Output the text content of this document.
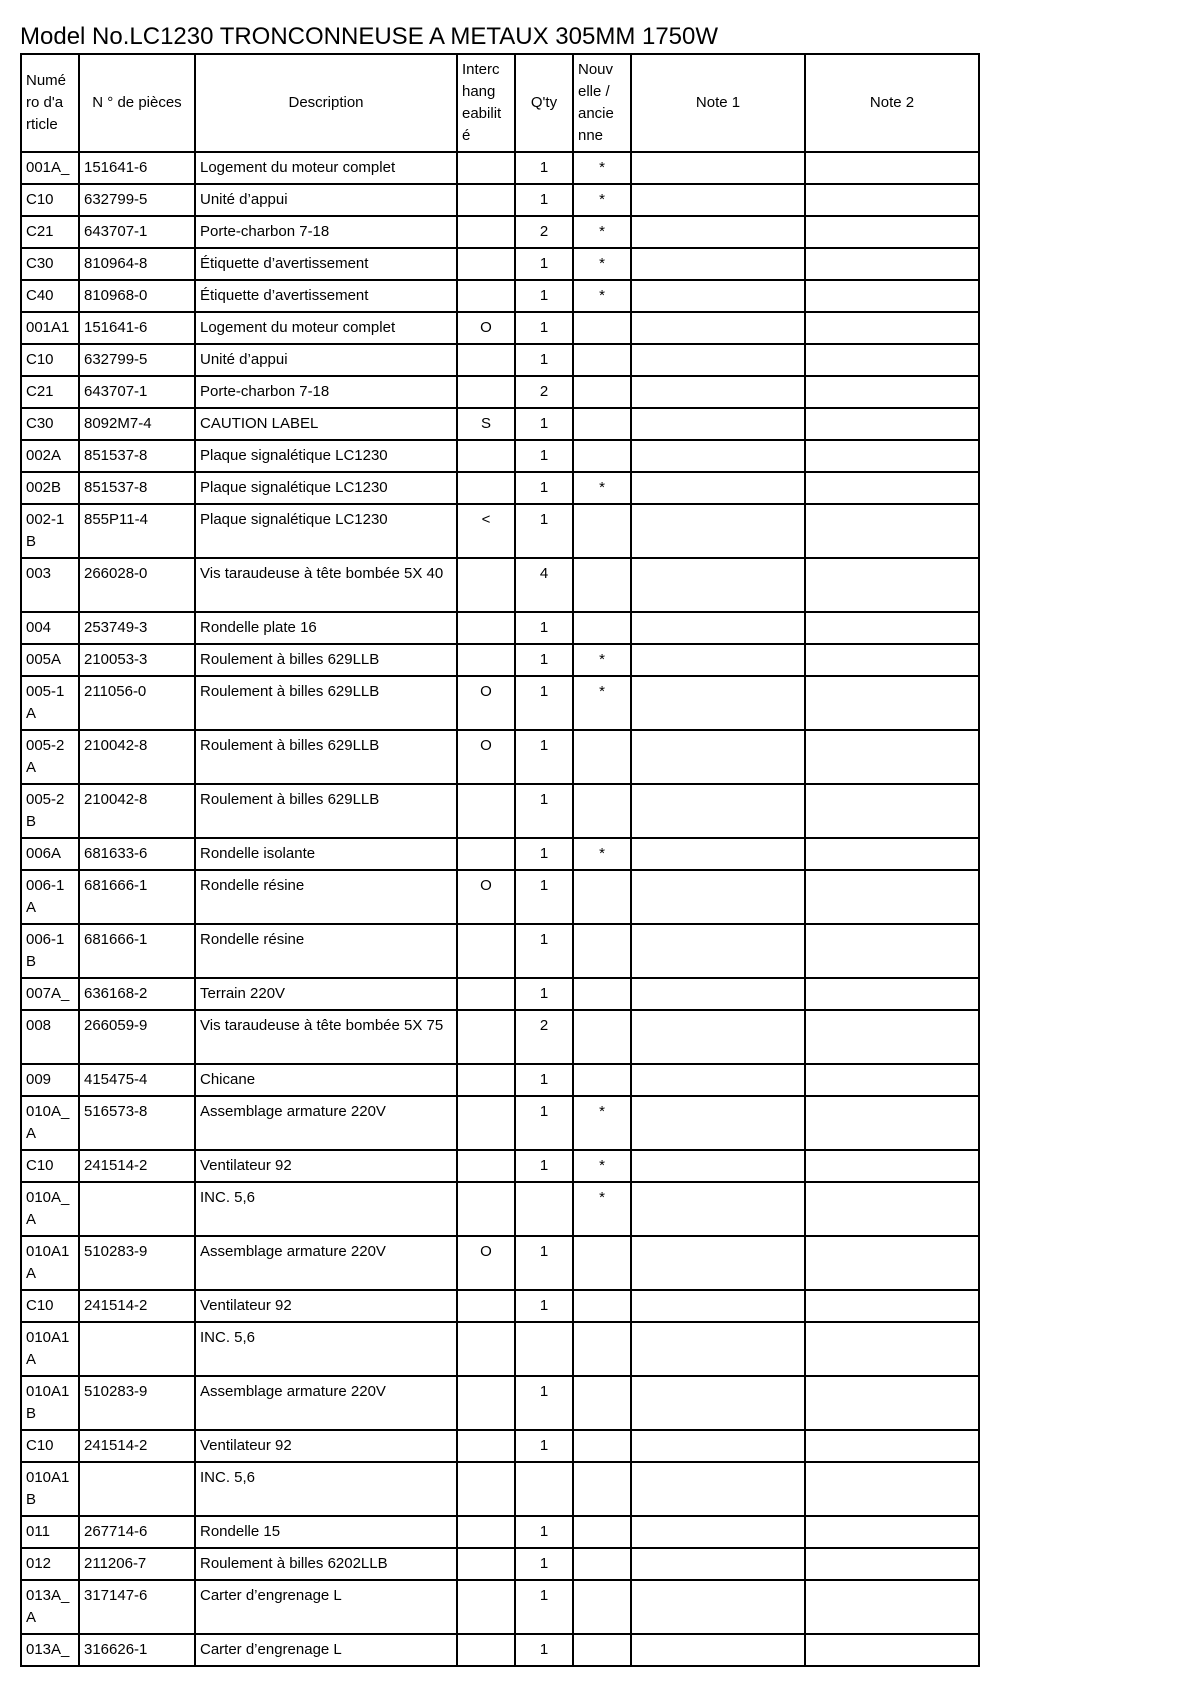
Model No.LC1230 TRONCONNEUSE A METAUX 305MM 1750W
Numé ro d'a rticle	N ° de pièces	Description	Interc hang eabilit é	Q'ty	Nouv elle / ancie nne	Note 1	Note 2
001A_	151641-6	Logement du moteur complet		1	*		
C10	632799-5	Unité d’appui		1	*		
C21	643707-1	Porte-charbon 7-18		2	*		
C30	810964-8	Étiquette d’avertissement		1	*		
C40	810968-0	Étiquette d’avertissement		1	*		
001A1	151641-6	Logement du moteur complet	O	1			
C10	632799-5	Unité d’appui		1			
C21	643707-1	Porte-charbon 7-18		2			
C30	8092M7-4	CAUTION LABEL	S	1			
002A	851537-8	Plaque signalétique LC1230		1			
002B	851537-8	Plaque signalétique LC1230		1	*		
002-1 B	855P11-4	Plaque signalétique LC1230	<	1			
003	266028-0	Vis taraudeuse à tête bombée 5X 40		4			
004	253749-3	Rondelle plate 16		1			
005A	210053-3	Roulement à billes 629LLB		1	*		
005-1 A	211056-0	Roulement à billes 629LLB	O	1	*		
005-2 A	210042-8	Roulement à billes 629LLB	O	1			
005-2 B	210042-8	Roulement à billes 629LLB		1			
006A	681633-6	Rondelle isolante		1	*		
006-1 A	681666-1	Rondelle résine	O	1			
006-1 B	681666-1	Rondelle résine		1			
007A_	636168-2	Terrain 220V		1			
008	266059-9	Vis taraudeuse à tête bombée 5X 75		2			
009	415475-4	Chicane		1			
010A_ A	516573-8	Assemblage armature 220V		1	*		
C10	241514-2	Ventilateur 92		1	*		
010A_ A		INC. 5,6			*		
010A1 A	510283-9	Assemblage armature 220V	O	1			
C10	241514-2	Ventilateur 92		1			
010A1 A		INC. 5,6					
010A1 B	510283-9	Assemblage armature 220V		1			
C10	241514-2	Ventilateur 92		1			
010A1 B		INC. 5,6					
011	267714-6	Rondelle 15		1			
012	211206-7	Roulement à billes 6202LLB		1			
013A_ A	317147-6	Carter d’engrenage L		1			
013A_	316626-1	Carter d’engrenage L		1			
